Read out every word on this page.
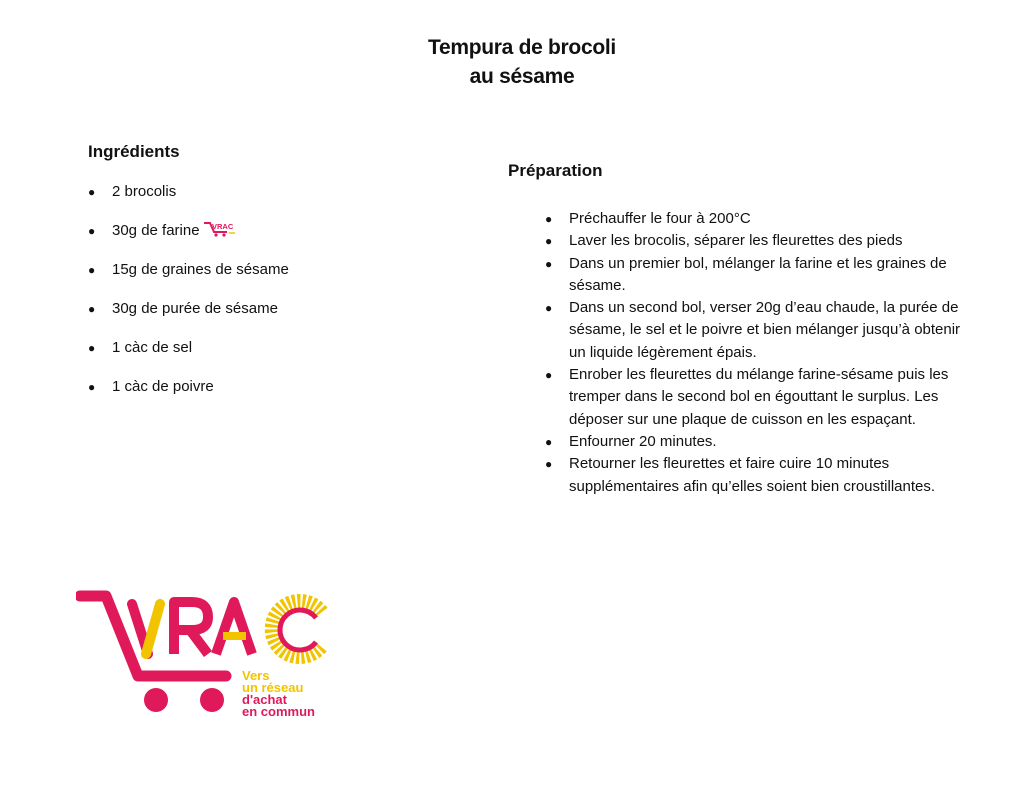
Tempura de brocoli
au sésame
Ingrédients
●	2 brocolis
●	30g de farine VRAC
●	15g de graines de sésame
●	30g de purée de sésame
●	1 càc de sel
●	1 càc de poivre
Préparation
● Préchauffer le four à 200°C
● Laver les brocolis, séparer les fleurettes des pieds
● Dans un premier bol, mélanger la farine et les graines de sésame.
● Dans un second bol, verser 20g d’eau chaude, la purée de sésame, le sel et le poivre et bien mélanger jusqu’à obtenir un liquide légèrement épais.
● Enrober les fleurettes du mélange farine-sésame puis les tremper dans le second bol en égouttant le surplus. Les déposer sur une plaque de cuisson en les espaçant.
● Enfourner 20 minutes.
● Retourner les fleurettes et faire cuire 10 minutes supplémentaires afin qu’elles soient bien croustillantes.
Vers
un réseau
d'achat
en commun
